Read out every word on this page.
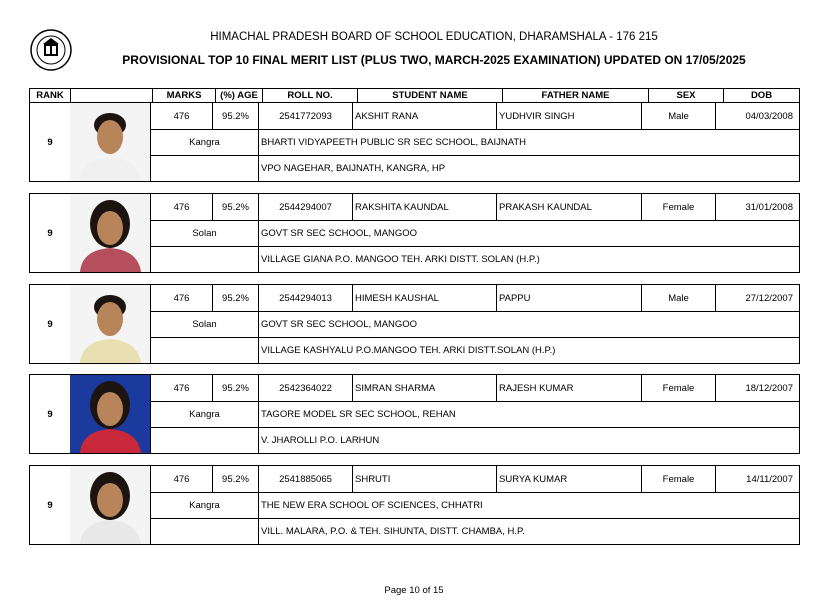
HIMACHAL PRADESH BOARD OF SCHOOL EDUCATION, DHARAMSHALA - 176 215
PROVISIONAL TOP 10 FINAL MERIT LIST (PLUS TWO, MARCH-2025 EXAMINATION) UPDATED ON 17/05/2025
RANK		MARKS	(%) AGE	ROLL NO.	STUDENT NAME	FATHER NAME	SEX	DOB
9
476	95.2%	2541772093	AKSHIT RANA	YUDHVIR SINGH	Male	04/03/2008
Kangra	BHARTI VIDYAPEETH PUBLIC SR SEC SCHOOL, BAIJNATH
VPO NAGEHAR, BAIJNATH, KANGRA, HP
9
476	95.2%	2544294007	RAKSHITA KAUNDAL	PRAKASH KAUNDAL	Female	31/01/2008
Solan	GOVT SR SEC SCHOOL, MANGOO
VILLAGE GIANA P.O. MANGOO TEH. ARKI DISTT. SOLAN (H.P.)
9
476	95.2%	2544294013	HIMESH KAUSHAL	PAPPU	Male	27/12/2007
Solan	GOVT SR SEC SCHOOL, MANGOO
VILLAGE KASHYALU P.O.MANGOO TEH. ARKI DISTT.SOLAN (H.P.)
9
476	95.2%	2542364022	SIMRAN SHARMA	RAJESH KUMAR	Female	18/12/2007
Kangra	TAGORE MODEL SR SEC SCHOOL, REHAN
V. JHAROLLI P.O. LARHUN
9
476	95.2%	2541885065	SHRUTI	SURYA KUMAR	Female	14/11/2007
Kangra	THE NEW ERA SCHOOL OF SCIENCES, CHHATRI
VILL. MALARA, P.O. & TEH. SIHUNTA, DISTT. CHAMBA, H.P.
Page 10 of 15
